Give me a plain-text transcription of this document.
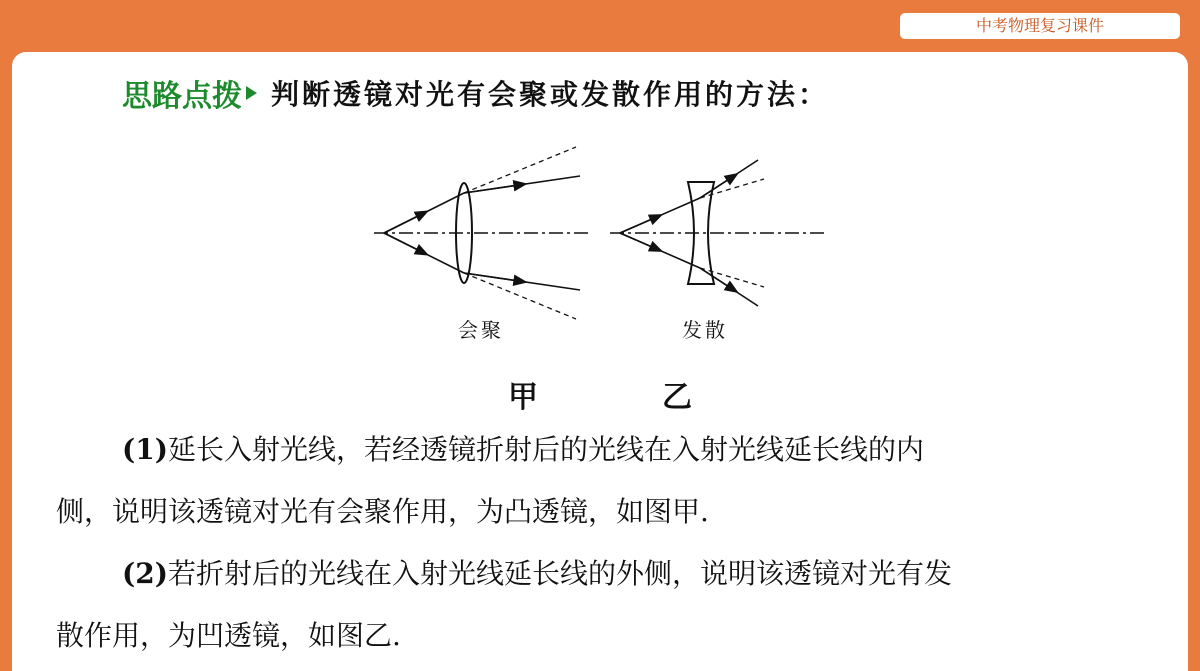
中考物理复习课件
思路点拨 判断透镜对光有会聚或发散作用的方法：
会聚	发散
甲	乙
(1)延长入射光线，若经透镜折射后的光线在入射光线延长线的内
侧，说明该透镜对光有会聚作用，为凸透镜，如图甲.
(2)若折射后的光线在入射光线延长线的外侧，说明该透镜对光有发
散作用，为凹透镜，如图乙.
